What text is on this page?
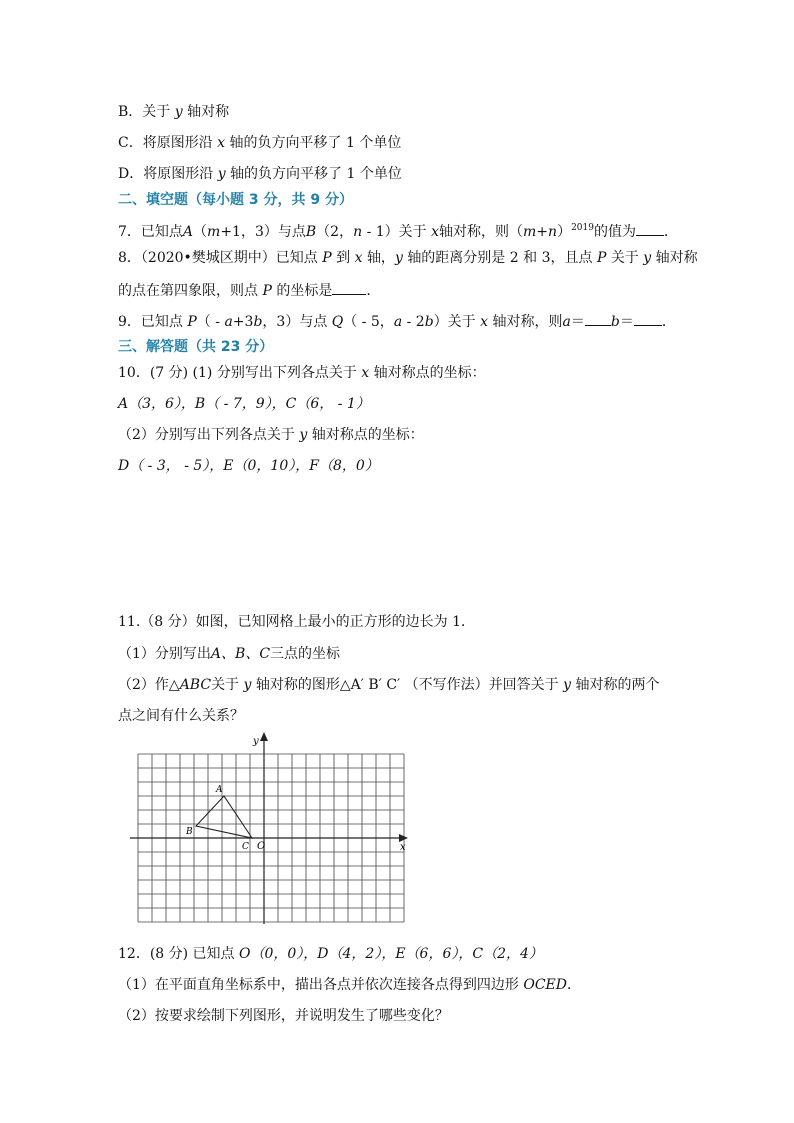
B．关于 y 轴对称
C．将原图形沿 x 轴的负方向平移了 1 个单位
D．将原图形沿 y 轴的负方向平移了 1 个单位
二、填空题（每小题 3 分，共 9 分）
7．已知点A（m+1，3）与点B（2，n - 1）关于 x轴对称，则$(m+n)^{2019}$的值为 ．
8．（2020•樊城区期中）已知点 P 到 x 轴，y 轴的距离分别是 2 和 3，且点 P 关于 y 轴对称
的点在第四象限，则点 P 的坐标是 ．
9．已知点 P（ - a+3b，3）与点 Q（ - 5，a - 2b）关于 x 轴对称，则a＝ b＝ ．
三、解答题（共 23 分）
10．(7 分) (1) 分别写出下列各点关于 x 轴对称点的坐标：
A（3，6），B（ - 7，9），C（6， - 1）
（2）分别写出下列各点关于 y 轴对称点的坐标：
D（ - 3， - 5），E（0，10），F（8，0）
11.（8 分）如图，已知网格上最小的正方形的边长为 1．
（1）分别写出A、B、C三点的坐标
（2）作△ABC关于 y 轴对称的图形△A′ B′ C′ （不写作法）并回答关于 y 轴对称的两个
点之间有什么关系？
y
x
O
A
B
C
12．(8 分) 已知点 O（0，0），D（4，2），E（6，6），C（2，4）
（1）在平面直角坐标系中，描出各点并依次连接各点得到四边形 OCED．
（2）按要求绘制下列图形，并说明发生了哪些变化？
